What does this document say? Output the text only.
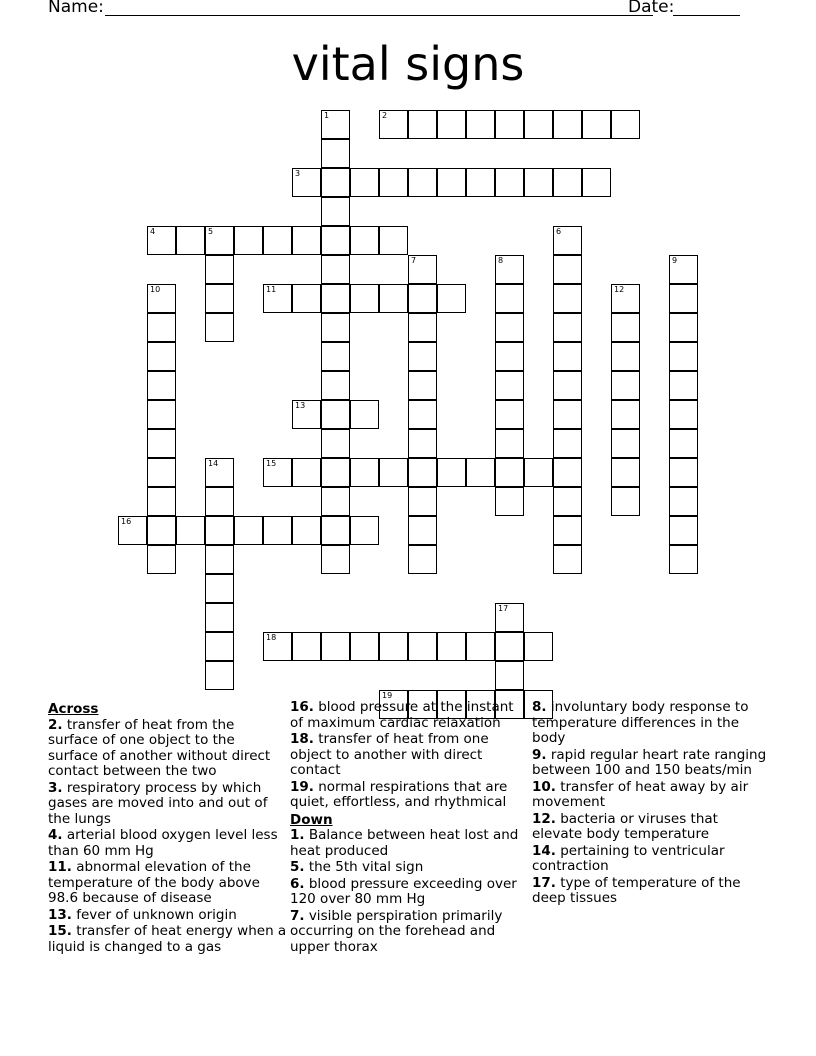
Name:	Date:
vital signs
1	2
3
4	5	6
7	8	9
10	11	12
13
14	15
16
17
18
19
Across
2. transfer of heat from the surface of one object to the surface of another without direct contact between the two
3. respiratory process by which gases are moved into and out of the lungs
4. arterial blood oxygen level less than 60 mm Hg
11. abnormal elevation of the temperature of the body above 98.6 because of disease
13. fever of unknown origin
15. transfer of heat energy when a liquid is changed to a gas
16. blood pressure at the instant of maximum cardiac relaxation
18. transfer of heat from one object to another with direct contact
19. normal respirations that are quiet, effortless, and rhythmical
Down
1. Balance between heat lost and heat produced
5. the 5th vital sign
6. blood pressure exceeding over 120 over 80 mm Hg
7. visible perspiration primarily occurring on the forehead and upper thorax
8. involuntary body response to temperature differences in the body
9. rapid regular heart rate ranging between 100 and 150 beats/min
10. transfer of heat away by air movement
12. bacteria or viruses that elevate body temperature
14. pertaining to ventricular contraction
17. type of temperature of the deep tissues
